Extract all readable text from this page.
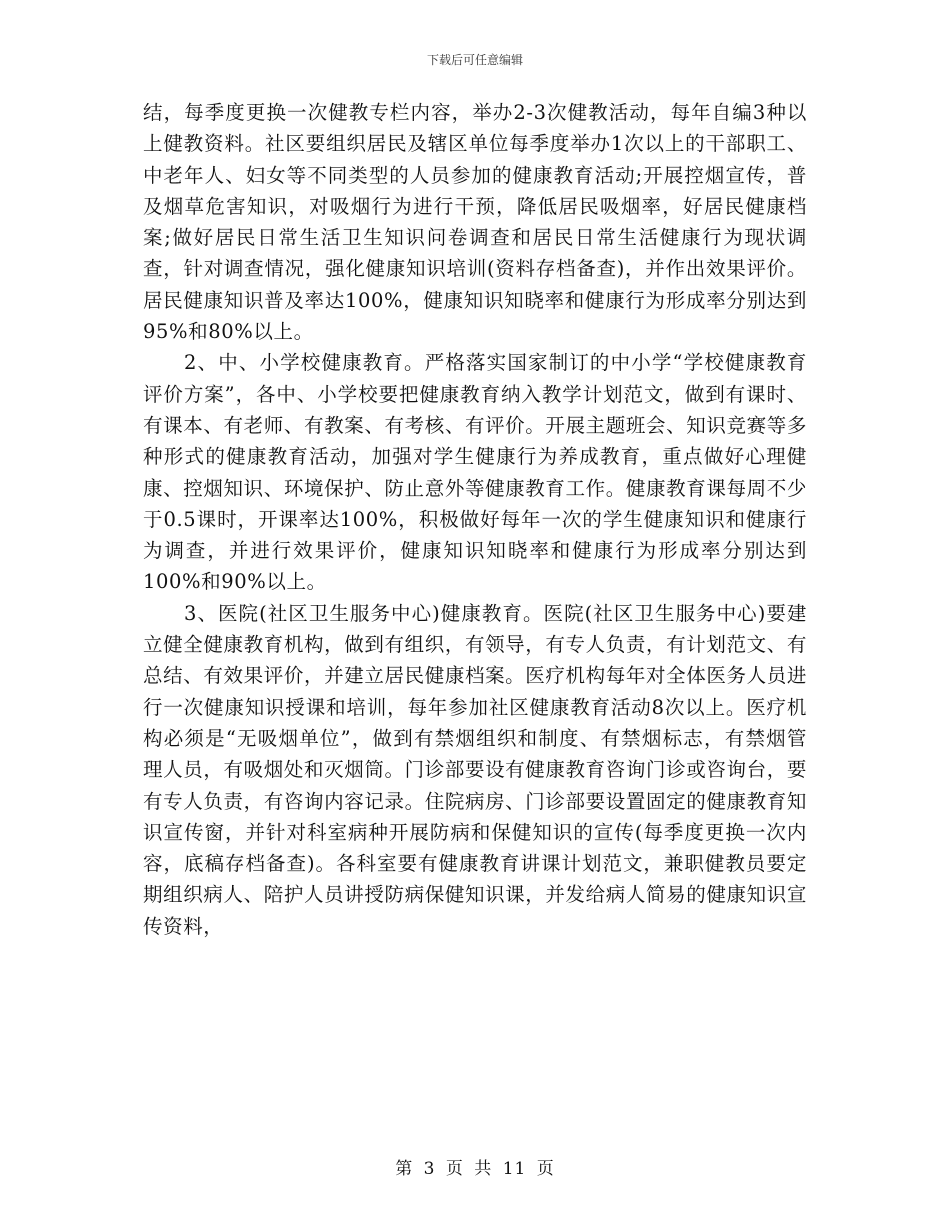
下载后可任意编辑

结，每季度更换一次健教专栏内容，举办2-3次健教活动，每年自编3种以上健教资料。社区要组织居民及辖区单位每季度举办1次以上的干部职工、中老年人、妇女等不同类型的人员参加的健康教育活动;开展控烟宣传，普及烟草危害知识，对吸烟行为进行干预，降低居民吸烟率，好居民健康档案;做好居民日常生活卫生知识问卷调查和居民日常生活健康行为现状调查，针对调查情况，强化健康知识培训(资料存档备查)，并作出效果评价。居民健康知识普及率达100%，健康知识知晓率和健康行为形成率分别达到95%和80%以上。

2、中、小学校健康教育。严格落实国家制订的中小学“学校健康教育评价方案”，各中、小学校要把健康教育纳入教学计划范文，做到有课时、有课本、有老师、有教案、有考核、有评价。开展主题班会、知识竞赛等多种形式的健康教育活动，加强对学生健康行为养成教育，重点做好心理健康、控烟知识、环境保护、防止意外等健康教育工作。健康教育课每周不少于0.5课时，开课率达100%，积极做好每年一次的学生健康知识和健康行为调查，并进行效果评价，健康知识知晓率和健康行为形成率分别达到100%和90%以上。

3、医院(社区卫生服务中心)健康教育。医院(社区卫生服务中心)要建立健全健康教育机构，做到有组织，有领导，有专人负责，有计划范文、有总结、有效果评价，并建立居民健康档案。医疗机构每年对全体医务人员进行一次健康知识授课和培训，每年参加社区健康教育活动8次以上。医疗机构必须是“无吸烟单位”，做到有禁烟组织和制度、有禁烟标志，有禁烟管理人员，有吸烟处和灭烟筒。门诊部要设有健康教育咨询门诊或咨询台，要有专人负责，有咨询内容记录。住院病房、门诊部要设置固定的健康教育知识宣传窗，并针对科室病种开展防病和保健知识的宣传(每季度更换一次内容，底稿存档备查)。各科室要有健康教育讲课计划范文，兼职健教员要定期组织病人、陪护人员讲授防病保健知识课，并发给病人简易的健康知识宣传资料，

第 3 页 共 11 页
